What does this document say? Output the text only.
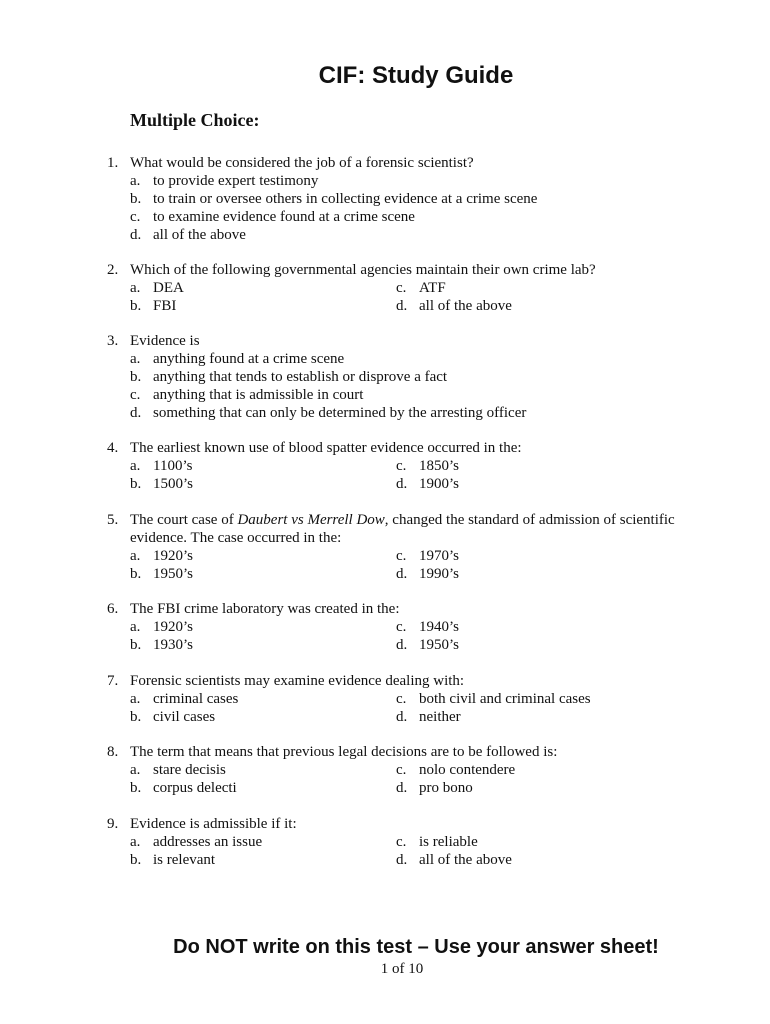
CIF: Study Guide
Multiple Choice:
1. What would be considered the job of a forensic scientist?
a. to provide expert testimony
b. to train or oversee others in collecting evidence at a crime scene
c. to examine evidence found at a crime scene
d. all of the above
2. Which of the following governmental agencies maintain their own crime lab?
a. DEA
b. FBI
c. ATF
d. all of the above
3. Evidence is
a. anything found at a crime scene
b. anything that tends to establish or disprove a fact
c. anything that is admissible in court
d. something that can only be determined by the arresting officer
4. The earliest known use of blood spatter evidence occurred in the:
a. 1100’s
b. 1500’s
c. 1850’s
d. 1900’s
5. The court case of Daubert vs Merrell Dow, changed the standard of admission of scientific
evidence. The case occurred in the:
a. 1920’s
b. 1950’s
c. 1970’s
d. 1990’s
6. The FBI crime laboratory was created in the:
a. 1920’s
b. 1930’s
c. 1940’s
d. 1950’s
7. Forensic scientists may examine evidence dealing with:
a. criminal cases
b. civil cases
c. both civil and criminal cases
d. neither
8. The term that means that previous legal decisions are to be followed is:
a. stare decisis
b. corpus delecti
c. nolo contendere
d. pro bono
9. Evidence is admissible if it:
a. addresses an issue
b. is relevant
c. is reliable
d. all of the above
Do NOT write on this test – Use your answer sheet!
1 of 10
